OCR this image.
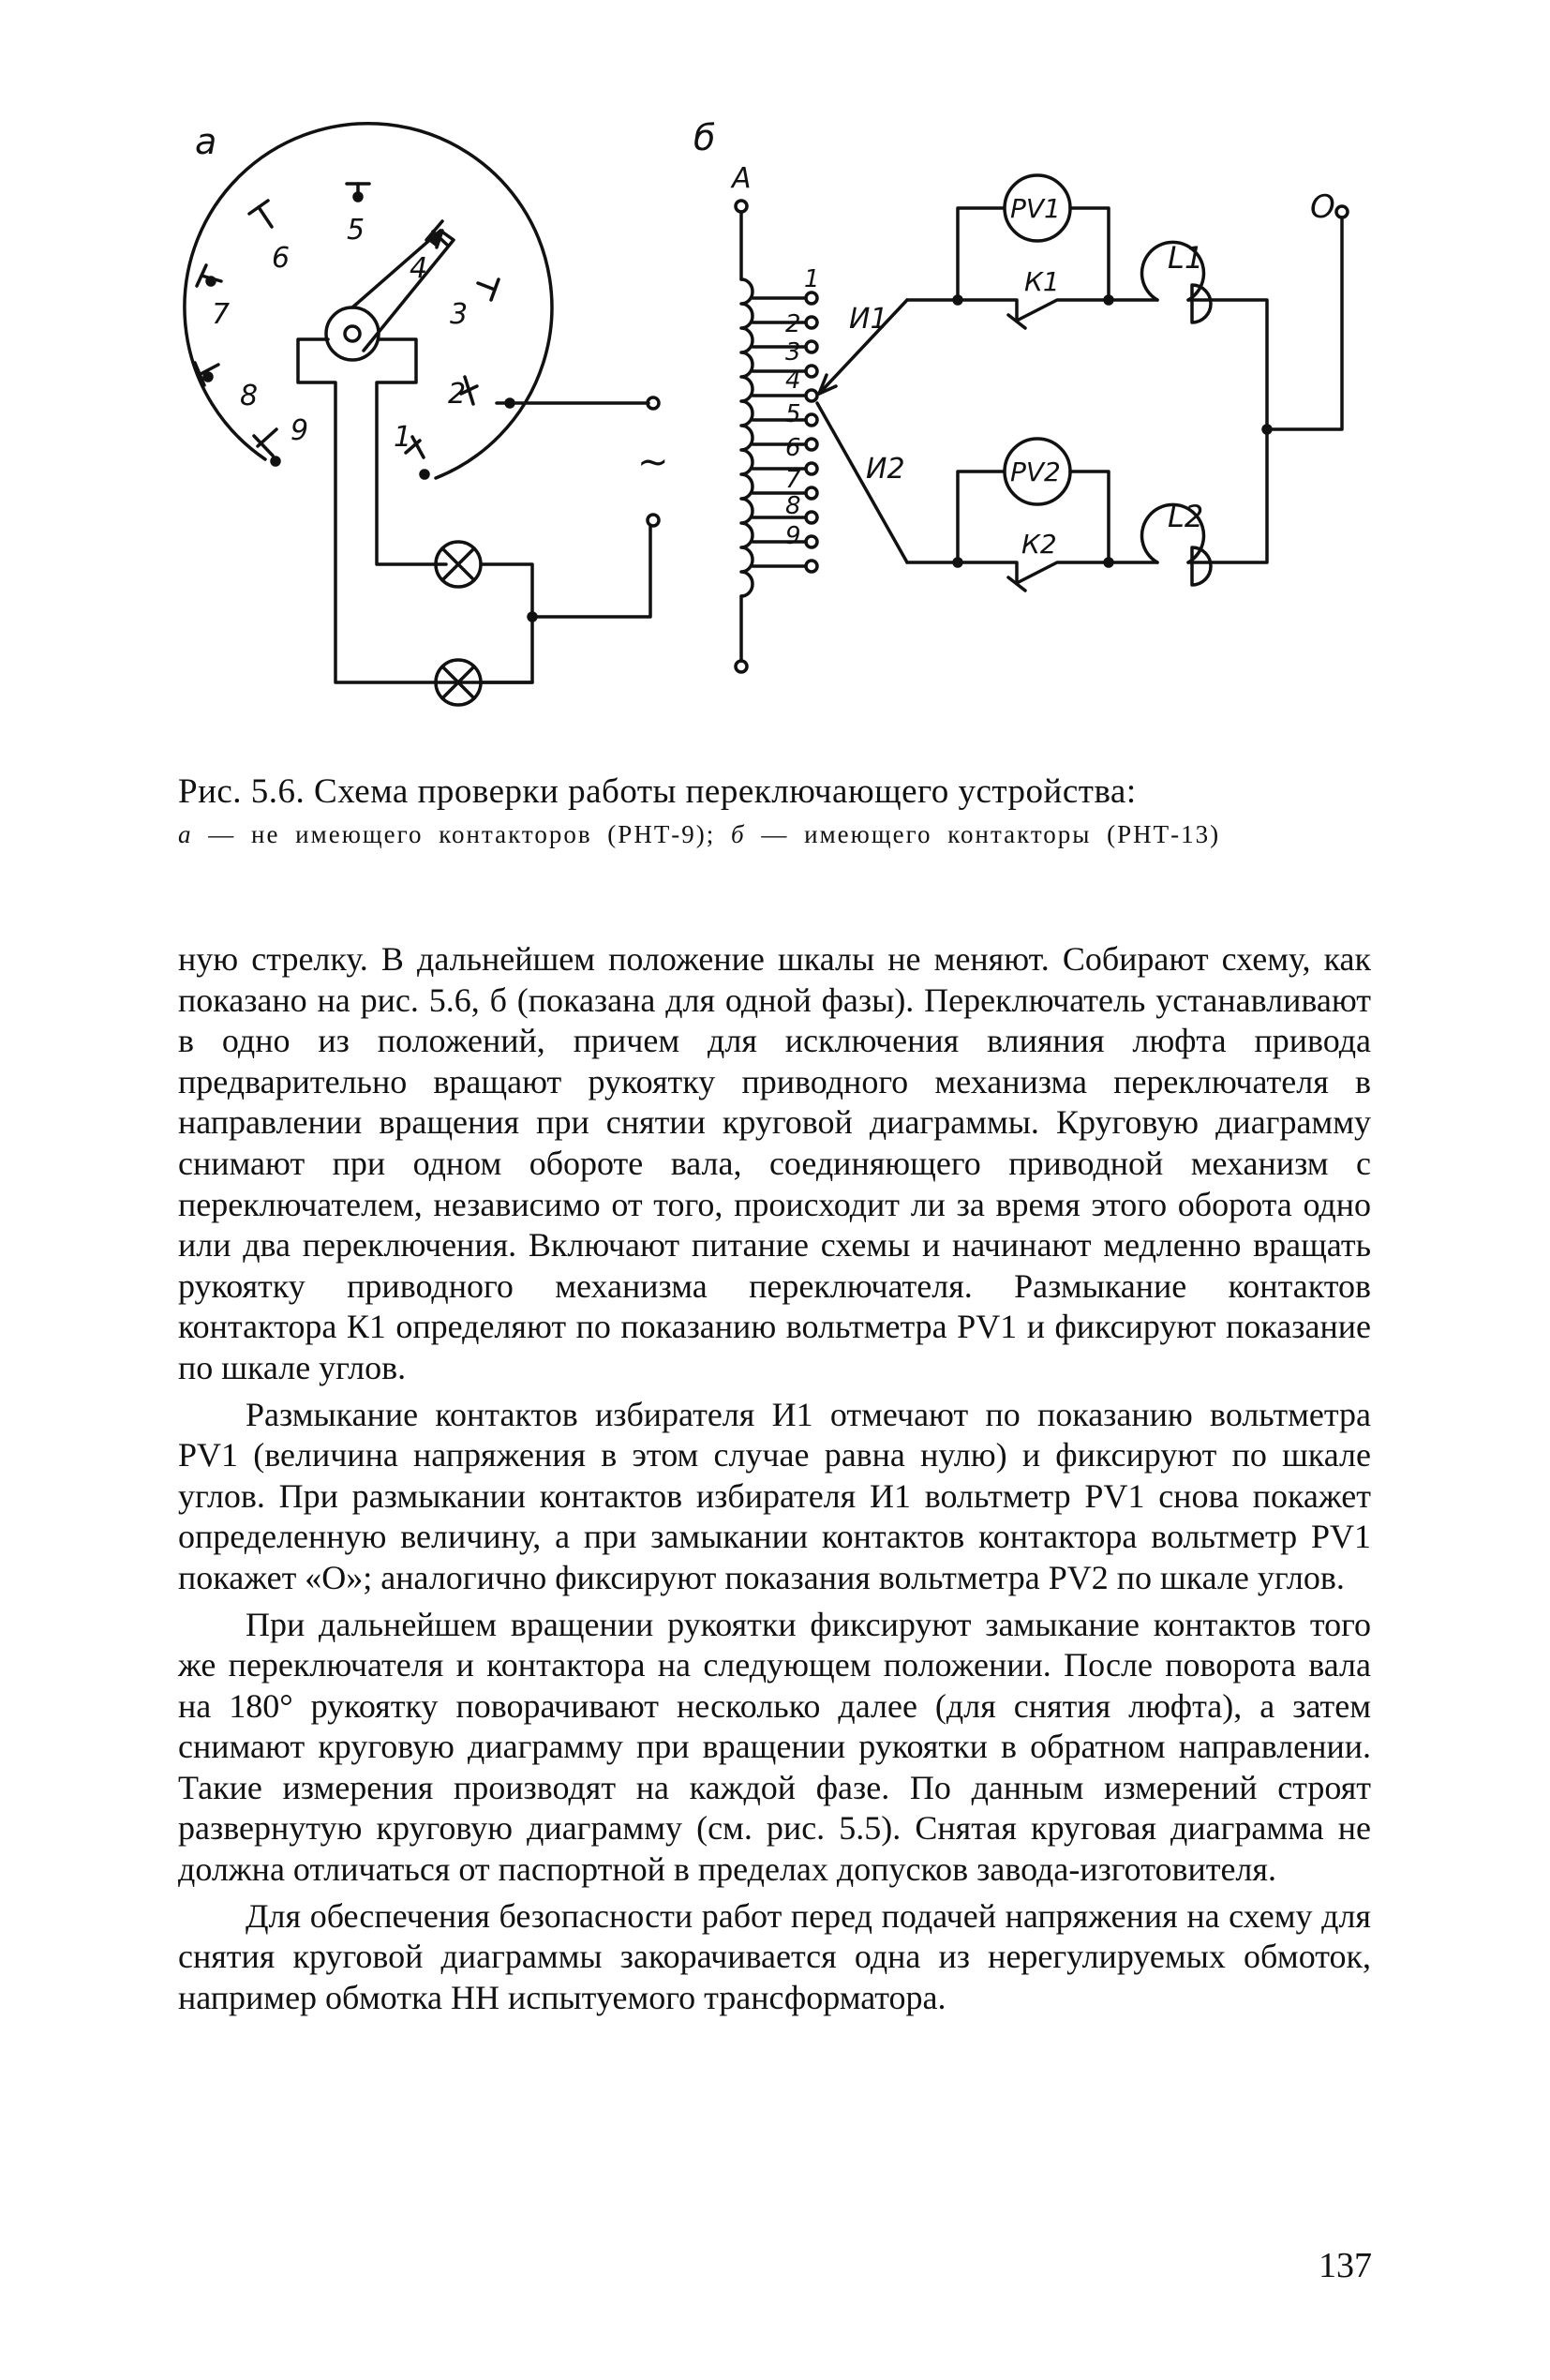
а
5
6
7
8
9
4
3
2
1
~
б
А
О
1
2
3
4
5
6
7
8
9
И1
И2
К1
К2
PV1
PV2
L1
L2
Рис. 5.6. Схема проверки работы переключающего устройства:
а — не имеющего контакторов (РНТ-9); б — имеющего контакторы (РНТ-13)

ную стрелку. В дальнейшем положение шкалы не меняют. Собирают схему, как показано на рис. 5.6, б (показана для одной фазы). Переключатель устанавливают в одно из положений, причем для исключения влияния люфта привода предварительно вращают рукоятку приводного механизма переключателя в направлении вращения при снятии круговой диаграммы. Круговую диаграмму снимают при одном обороте вала, соединяющего приводной механизм с переключателем, независимо от того, происходит ли за время этого оборота одно или два переключения. Включают питание схемы и начинают медленно вращать рукоятку приводного механизма переключателя. Размыкание контактов контактора К1 определяют по показанию вольтметра PV1 и фиксируют показание по шкале углов.

Размыкание контактов избирателя И1 отмечают по показанию вольтметра PV1 (величина напряжения в этом случае равна нулю) и фиксируют по шкале углов. При размыкании контактов избирателя И1 вольтметр PV1 снова покажет определенную величину, а при замыкании контактов контактора вольтметр PV1 покажет «О»; аналогично фиксируют показания вольтметра PV2 по шкале углов.

При дальнейшем вращении рукоятки фиксируют замыкание контактов того же переключателя и контактора на следующем положении. После поворота вала на 180° рукоятку поворачивают несколько далее (для снятия люфта), а затем снимают круговую диаграмму при вращении рукоятки в обратном направлении. Такие измерения производят на каждой фазе. По данным измерений строят развернутую круговую диаграмму (см. рис. 5.5). Снятая круговая диаграмма не должна отличаться от паспортной в пределах допусков завода-изготовителя.

Для обеспечения безопасности работ перед подачей напряжения на схему для снятия круговой диаграммы закорачивается одна из нерегулируемых обмоток, например обмотка НН испытуемого трансформатора.

137
